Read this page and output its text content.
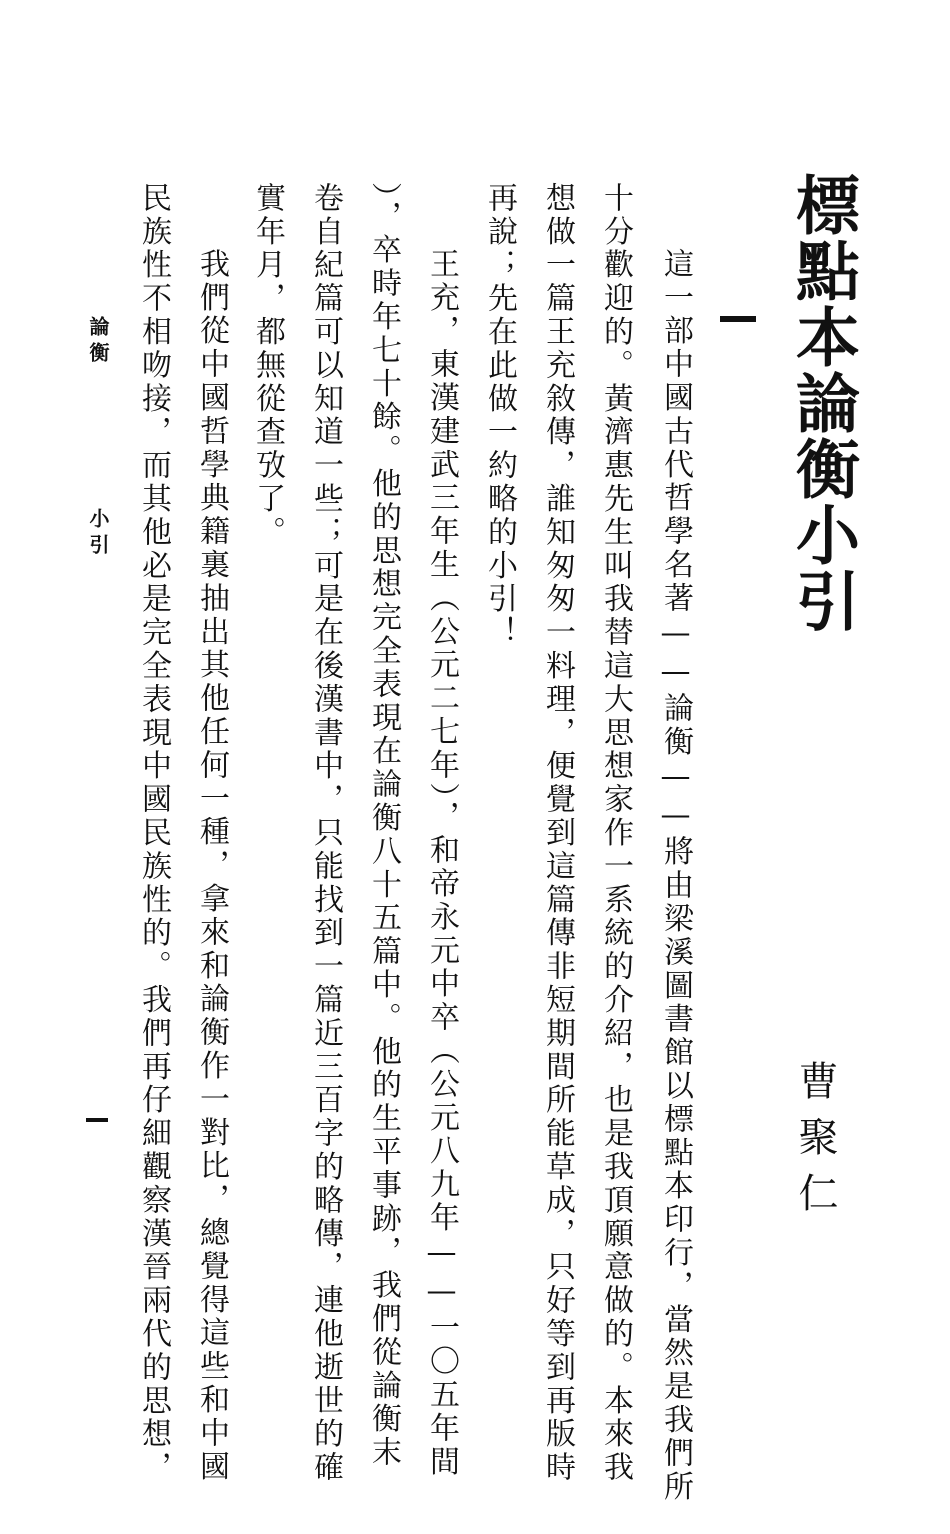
標點本論衡小引
曹聚仁
這一部中國古代哲學名著——論衡——將由梁溪圖書館以標點本印行，當然是我們所
十分歡迎的。黃濟惠先生叫我替這大思想家作一系統的介紹，也是我頂願意做的。本來我
想做一篇王充敘傳，誰知匆匆一料理，便覺到這篇傳非短期間所能草成，只好等到再版時
再說；先在此做一約略的小引！
王充，東漢建武三年生（公元二七年），和帝永元中卒（公元八九年——一〇五年間
），卒時年七十餘。他的思想完全表現在論衡八十五篇中。他的生平事跡，我們從論衡末
卷自紀篇可以知道一些；可是在後漢書中，只能找到一篇近三百字的略傳，連他逝世的確
實年月，都無從查攷了。
我們從中國哲學典籍裏抽出其他任何一種，拿來和論衡作一對比，總覺得這些和中國
民族性不相吻接，而其他必是完全表現中國民族性的。我們再仔細觀察漢晉兩代的思想，
論衡
小引
